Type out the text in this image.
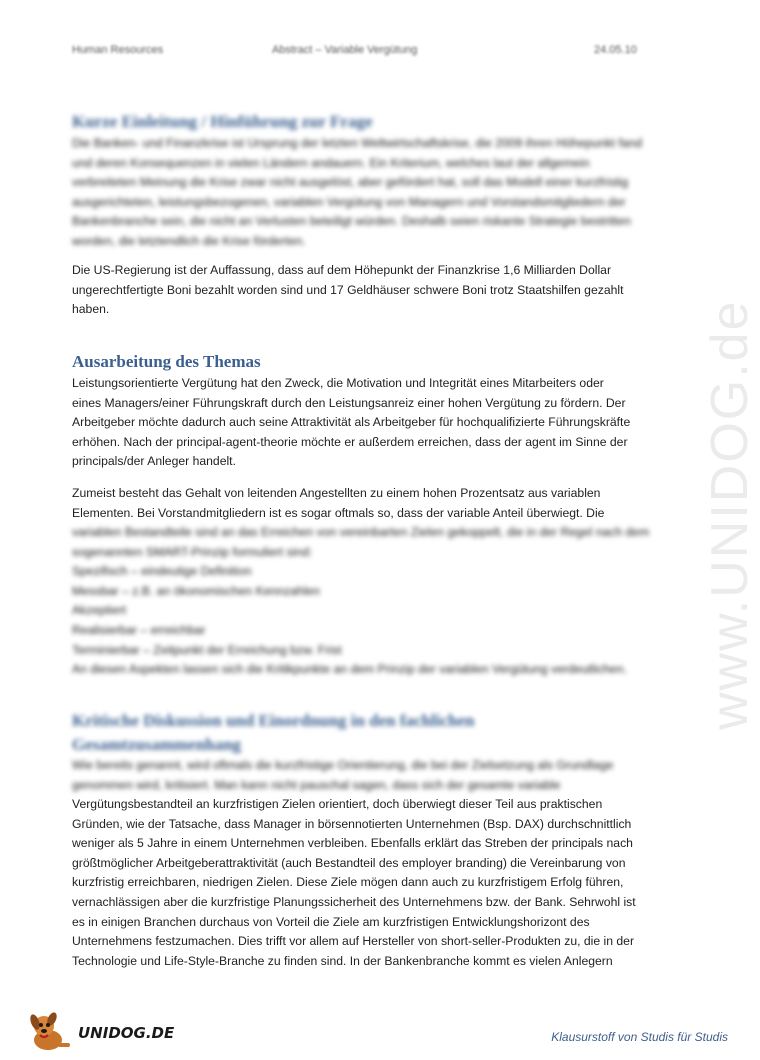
Human Resources	Abstract – Variable Vergütung	24.05.10
Kurze Einleitung / Hinführung zur Frage
Die Banken- und Finanzkrise ist Ursprung der letzten Weltwirtschaftskrise, die 2009 ihren Höhepunkt fand
und deren Konsequenzen in vielen Ländern andauern. Ein Kriterium, welches laut der allgemein
verbreiteten Meinung die Krise zwar nicht ausgelöst, aber gefördert hat, soll das Modell einer kurzfristig
ausgerichteten, leistungsbezogenen, variablen Vergütung von Managern und Vorstandsmitgliedern der
Bankenbranche sein, die nicht an Verlusten beteiligt würden. Deshalb seien riskante Strategie bestritten
worden, die letztendlich die Krise förderten.
Die US-Regierung ist der Auffassung, dass auf dem Höhepunkt der Finanzkrise 1,6 Milliarden Dollar
ungerechtfertigte Boni bezahlt worden sind und 17 Geldhäuser schwere Boni trotz Staatshilfen gezahlt
haben.
Ausarbeitung des Themas
Leistungsorientierte Vergütung hat den Zweck, die Motivation und Integrität eines Mitarbeiters oder
eines Managers/einer Führungskraft durch den Leistungsanreiz einer hohen Vergütung zu fördern. Der
Arbeitgeber möchte dadurch auch seine Attraktivität als Arbeitgeber für hochqualifizierte Führungskräfte
erhöhen. Nach der principal-agent-theorie möchte er außerdem erreichen, dass der agent im Sinne der
principals/der Anleger handelt.
Zumeist besteht das Gehalt von leitenden Angestellten zu einem hohen Prozentsatz aus variablen
Elementen. Bei Vorstandmitgliedern ist es sogar oftmals so, dass der variable Anteil überwiegt. Die
variablen Bestandteile sind an das Erreichen von vereinbarten Zielen gekoppelt, die in der Regel nach dem
sogenannten SMART-Prinzip formuliert sind:
Spezifisch – eindeutige Definition
Messbar – z.B. an ökonomischen Kennzahlen
Akzeptiert
Realisierbar – erreichbar
Terminierbar – Zeitpunkt der Erreichung bzw. Frist
An diesen Aspekten lassen sich die Kritikpunkte an dem Prinzip der variablen Vergütung verdeutlichen.
Kritische Diskussion und Einordnung in den fachlichen
Gesamtzusammenhang
Wie bereits genannt, wird oftmals die kurzfristige Orientierung, die bei der Zielsetzung als Grundlage
genommen wird, kritisiert. Man kann nicht pauschal sagen, dass sich der gesamte variable
Vergütungsbestandteil an kurzfristigen Zielen orientiert, doch überwiegt dieser Teil aus praktischen
Gründen, wie der Tatsache, dass Manager in börsennotierten Unternehmen (Bsp. DAX) durchschnittlich
weniger als 5 Jahre in einem Unternehmen verbleiben. Ebenfalls erklärt das Streben der principals nach
größtmöglicher Arbeitgeberattraktivität (auch Bestandteil des employer branding) die Vereinbarung von
kurzfristig erreichbaren, niedrigen Zielen. Diese Ziele mögen dann auch zu kurzfristigem Erfolg führen,
vernachlässigen aber die kurzfristige Planungssicherheit des Unternehmens bzw. der Bank. Sehrwohl ist
es in einigen Branchen durchaus von Vorteil die Ziele am kurzfristigen Entwicklungshorizont des
Unternehmens festzumachen. Dies trifft vor allem auf Hersteller von short-seller-Produkten zu, die in der
Technologie und Life-Style-Branche zu finden sind. In der Bankenbranche kommt es vielen Anlegern
www.UNIDOG.de
UNIDOG.DE	Klausurstoff von Studis für Studis
